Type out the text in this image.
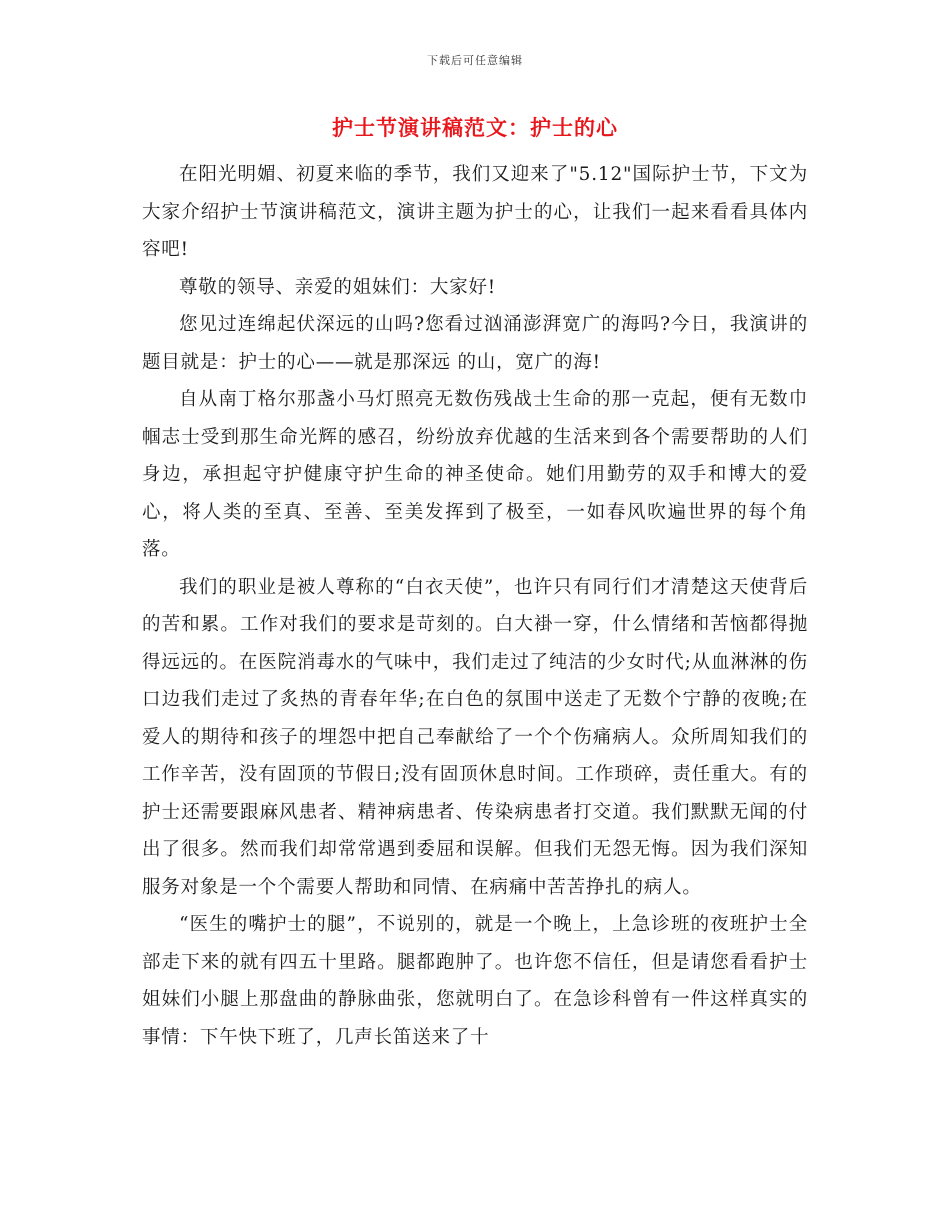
下载后可任意编辑
护士节演讲稿范文：护士的心

在阳光明媚、初夏来临的季节，我们又迎来了"5.12"国际护士节，下文为大家介绍护士节演讲稿范文，演讲主题为护士的心，让我们一起来看看具体内容吧!

尊敬的领导、亲爱的姐妹们：大家好!

您见过连绵起伏深远的山吗?您看过汹涌澎湃宽广的海吗?今日，我演讲的题目就是：护士的心——就是那深远 的山，宽广的海!

自从南丁格尔那盏小马灯照亮无数伤残战士生命的那一克起，便有无数巾帼志士受到那生命光辉的感召，纷纷放弃优越的生活来到各个需要帮助的人们身边，承担起守护健康守护生命的神圣使命。她们用勤劳的双手和博大的爱心，将人类的至真、至善、至美发挥到了极至，一如春风吹遍世界的每个角落。

我们的职业是被人尊称的“白衣天使”，也许只有同行们才清楚这天使背后的苦和累。工作对我们的要求是苛刻的。白大褂一穿，什么情绪和苦恼都得抛得远远的。在医院消毒水的气味中，我们走过了纯洁的少女时代;从血淋淋的伤口边我们走过了炙热的青春年华;在白色的氛围中送走了无数个宁静的夜晚;在爱人的期待和孩子的埋怨中把自己奉献给了一个个伤痛病人。众所周知我们的工作辛苦，没有固顶的节假日;没有固顶休息时间。工作琐碎，责任重大。有的护士还需要跟麻风患者、精神病患者、传染病患者打交道。我们默默无闻的付出了很多。然而我们却常常遇到委屈和误解。但我们无怨无悔。因为我们深知服务对象是一个个需要人帮助和同情、在病痛中苦苦挣扎的病人。

“医生的嘴护士的腿”，不说别的，就是一个晚上，上急诊班的夜班护士全部走下来的就有四五十里路。腿都跑肿了。也许您不信任，但是请您看看护士姐妹们小腿上那盘曲的静脉曲张，您就明白了。在急诊科曾有一件这样真实的事情：下午快下班了，几声长笛送来了十
